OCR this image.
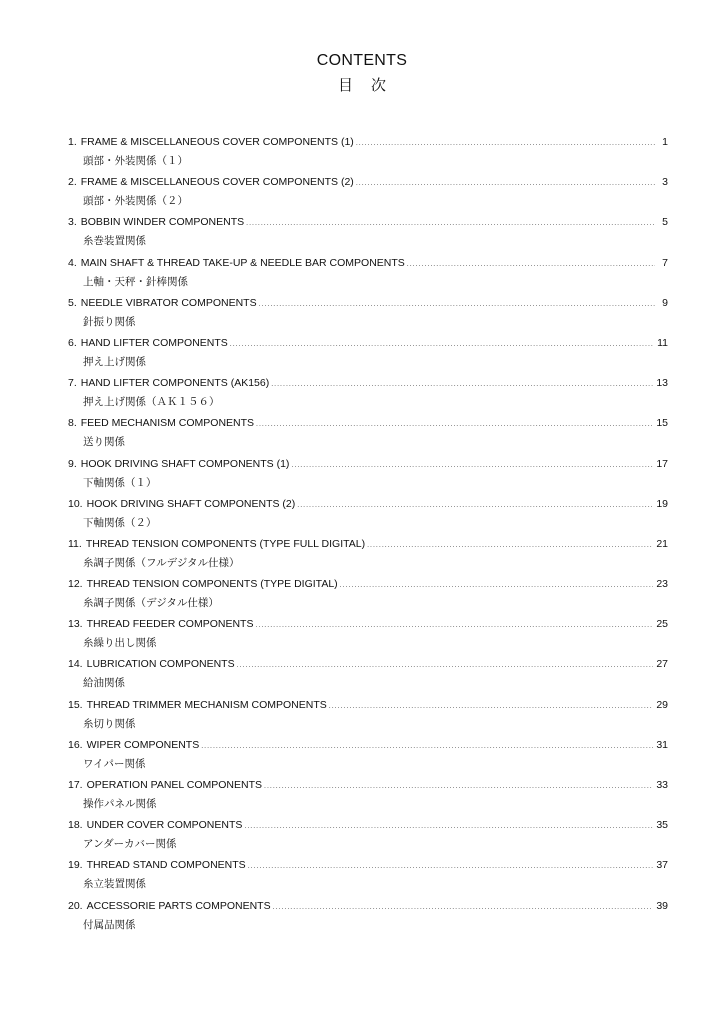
CONTENTS
目次
1. FRAME & MISCELLANEOUS COVER COMPONENTS (1) .....	1
頭部・外装関係（１）
2. FRAME & MISCELLANEOUS COVER COMPONENTS (2) .....	3
頭部・外装関係（２）
3. BOBBIN WINDER COMPONENTS .....	5
糸巻装置関係
4. MAIN SHAFT & THREAD TAKE-UP & NEEDLE BAR COMPONENTS .....	7
上軸・天秤・針棒関係
5. NEEDLE VIBRATOR COMPONENTS .....	9
針振り関係
6. HAND LIFTER COMPONENTS .....	11
押え上げ関係
7. HAND LIFTER COMPONENTS (AK156) .....	13
押え上げ関係（ＡＫ１５６）
8. FEED MECHANISM COMPONENTS .....	15
送り関係
9. HOOK DRIVING SHAFT COMPONENTS (1) .....	17
下軸関係（１）
10. HOOK DRIVING SHAFT COMPONENTS (2) .....	19
下軸関係（２）
11. THREAD TENSION COMPONENTS (TYPE FULL DIGITAL) .....	21
糸調子関係（フルデジタル仕様）
12. THREAD TENSION COMPONENTS (TYPE DIGITAL) .....	23
糸調子関係（デジタル仕様）
13. THREAD FEEDER COMPONENTS .....	25
糸繰り出し関係
14. LUBRICATION COMPONENTS .....	27
給油関係
15. THREAD TRIMMER MECHANISM COMPONENTS .....	29
糸切り関係
16. WIPER COMPONENTS .....	31
ワイパー関係
17. OPERATION PANEL COMPONENTS .....	33
操作パネル関係
18. UNDER COVER COMPONENTS .....	35
アンダーカバー関係
19. THREAD STAND COMPONENTS .....	37
糸立装置関係
20. ACCESSORIE PARTS COMPONENTS .....	39
付属品関係
